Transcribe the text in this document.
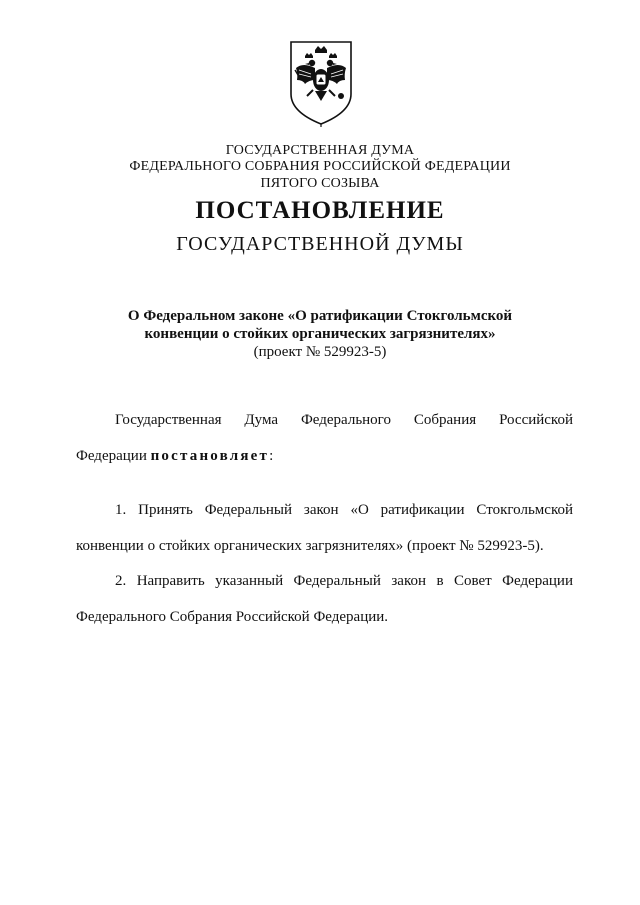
ГОСУДАРСТВЕННАЯ ДУМА
ФЕДЕРАЛЬНОГО СОБРАНИЯ РОССИЙСКОЙ ФЕДЕРАЦИИ
ПЯТОГО СОЗЫВА
ПОСТАНОВЛЕНИЕ
ГОСУДАРСТВЕННОЙ ДУМЫ
О Федеральном законе «О ратификации Стокгольмской
конвенции о стойких органических загрязнителях»
(проект № 529923-5)
Государственная Дума Федерального Собрания Российской
Федерации постановляет:
1. Принять Федеральный закон «О ратификации Стокгольмской
конвенции о стойких органических загрязнителях» (проект № 529923-5).
2. Направить указанный Федеральный закон в Совет Федерации
Федерального Собрания Российской Федерации.
